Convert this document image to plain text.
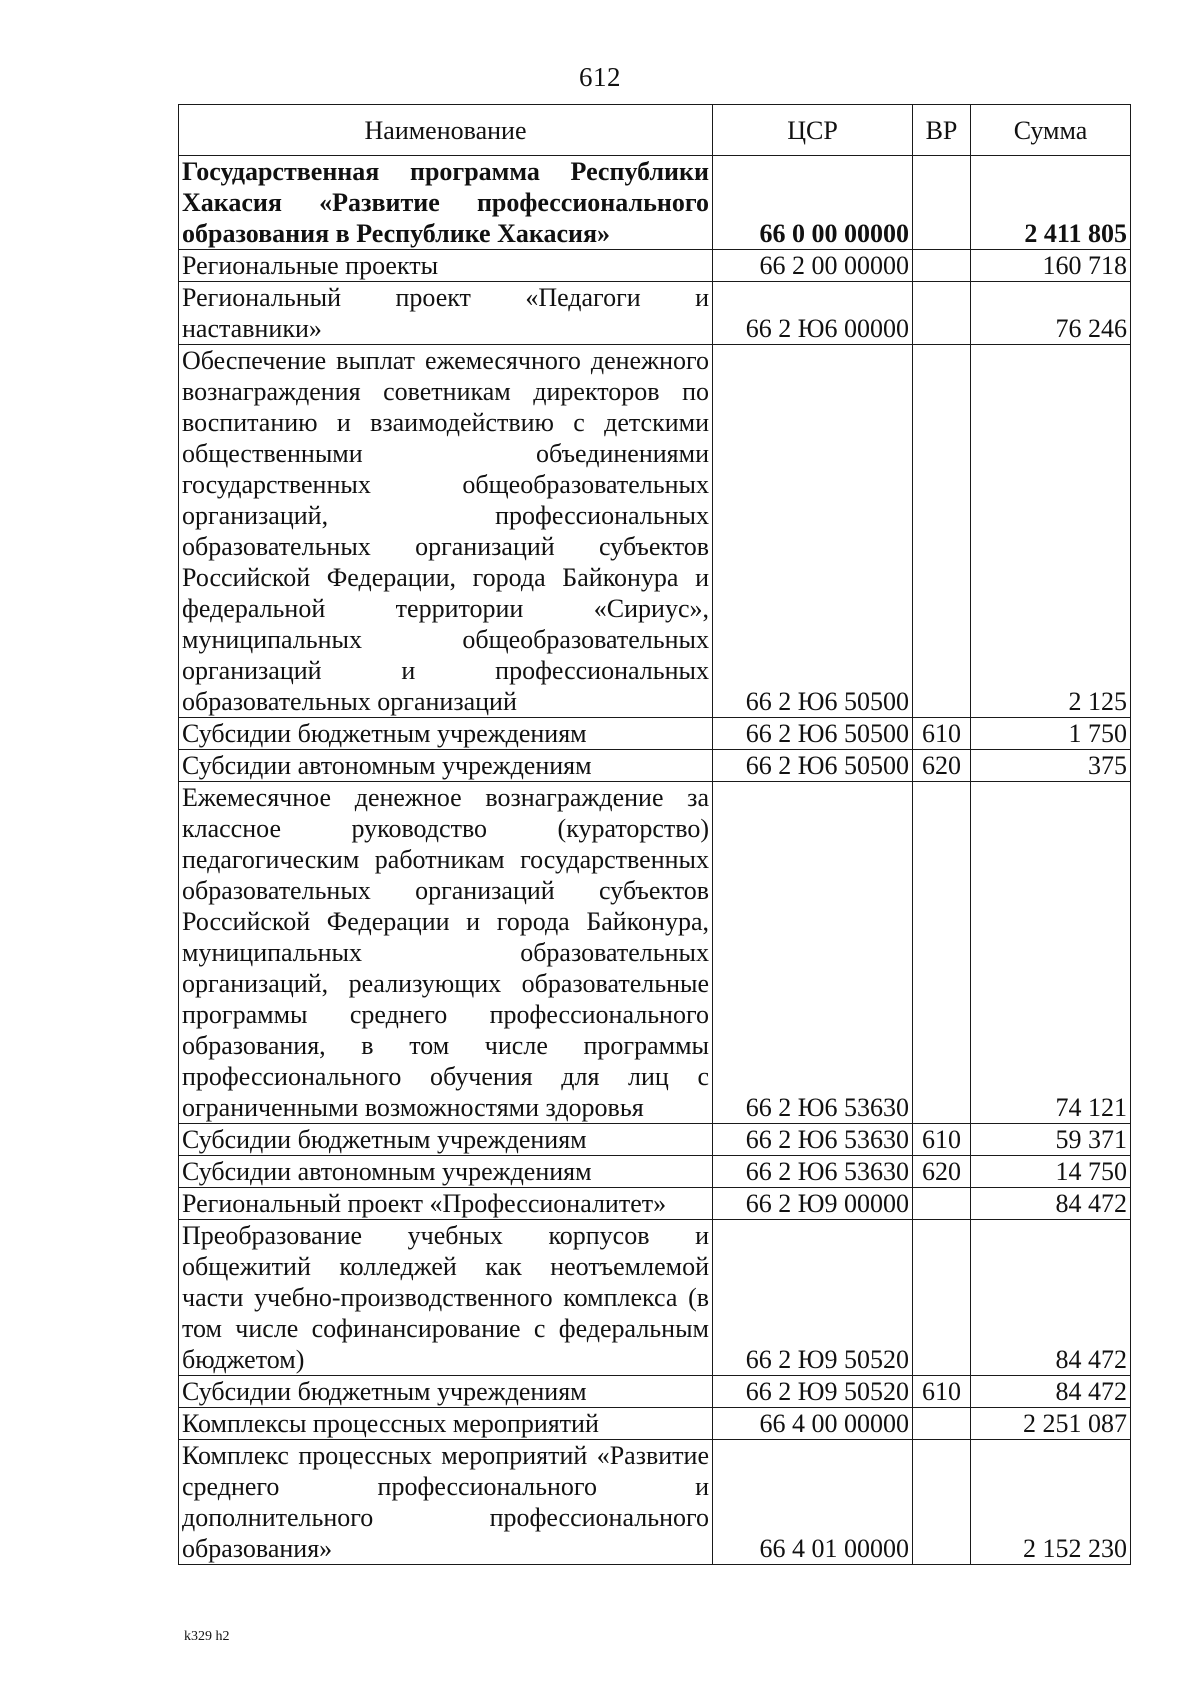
612
Наименование	ЦСР	ВР	Сумма
Государственная программа Республики Хакасия «Развитие профессионального образования в Республике Хакасия»	66 0 00 00000		2 411 805
Региональные проекты	66 2 00 00000		160 718
Региональный проект «Педагоги и наставники»	66 2 Ю6 00000		76 246
Обеспечение выплат ежемесячного денежного вознаграждения советникам директоров по воспитанию и взаимодействию с детскими общественными объединениями государственных общеобразовательных организаций, профессиональных образовательных организаций субъектов Российской Федерации, города Байконура и федеральной территории «Сириус», муниципальных общеобразовательных организаций и профессиональных образовательных организаций	66 2 Ю6 50500		2 125
Субсидии бюджетным учреждениям	66 2 Ю6 50500	610	1 750
Субсидии автономным учреждениям	66 2 Ю6 50500	620	375
Ежемесячное денежное вознаграждение за классное руководство (кураторство) педагогическим работникам государственных образовательных организаций субъектов Российской Федерации и города Байконура, муниципальных образовательных организаций, реализующих образовательные программы среднего профессионального образования, в том числе программы профессионального обучения для лиц с ограниченными возможностями здоровья	66 2 Ю6 53630		74 121
Субсидии бюджетным учреждениям	66 2 Ю6 53630	610	59 371
Субсидии автономным учреждениям	66 2 Ю6 53630	620	14 750
Региональный проект «Профессионалитет»	66 2 Ю9 00000		84 472
Преобразование учебных корпусов и общежитий колледжей как неотъемлемой части учебно-производственного комплекса (в том числе софинансирование с федеральным бюджетом)	66 2 Ю9 50520		84 472
Субсидии бюджетным учреждениям	66 2 Ю9 50520	610	84 472
Комплексы процессных мероприятий	66 4 00 00000		2 251 087
Комплекс процессных мероприятий «Развитие среднего профессионального и дополнительного профессионального образования»	66 4 01 00000		2 152 230
k329 h2
